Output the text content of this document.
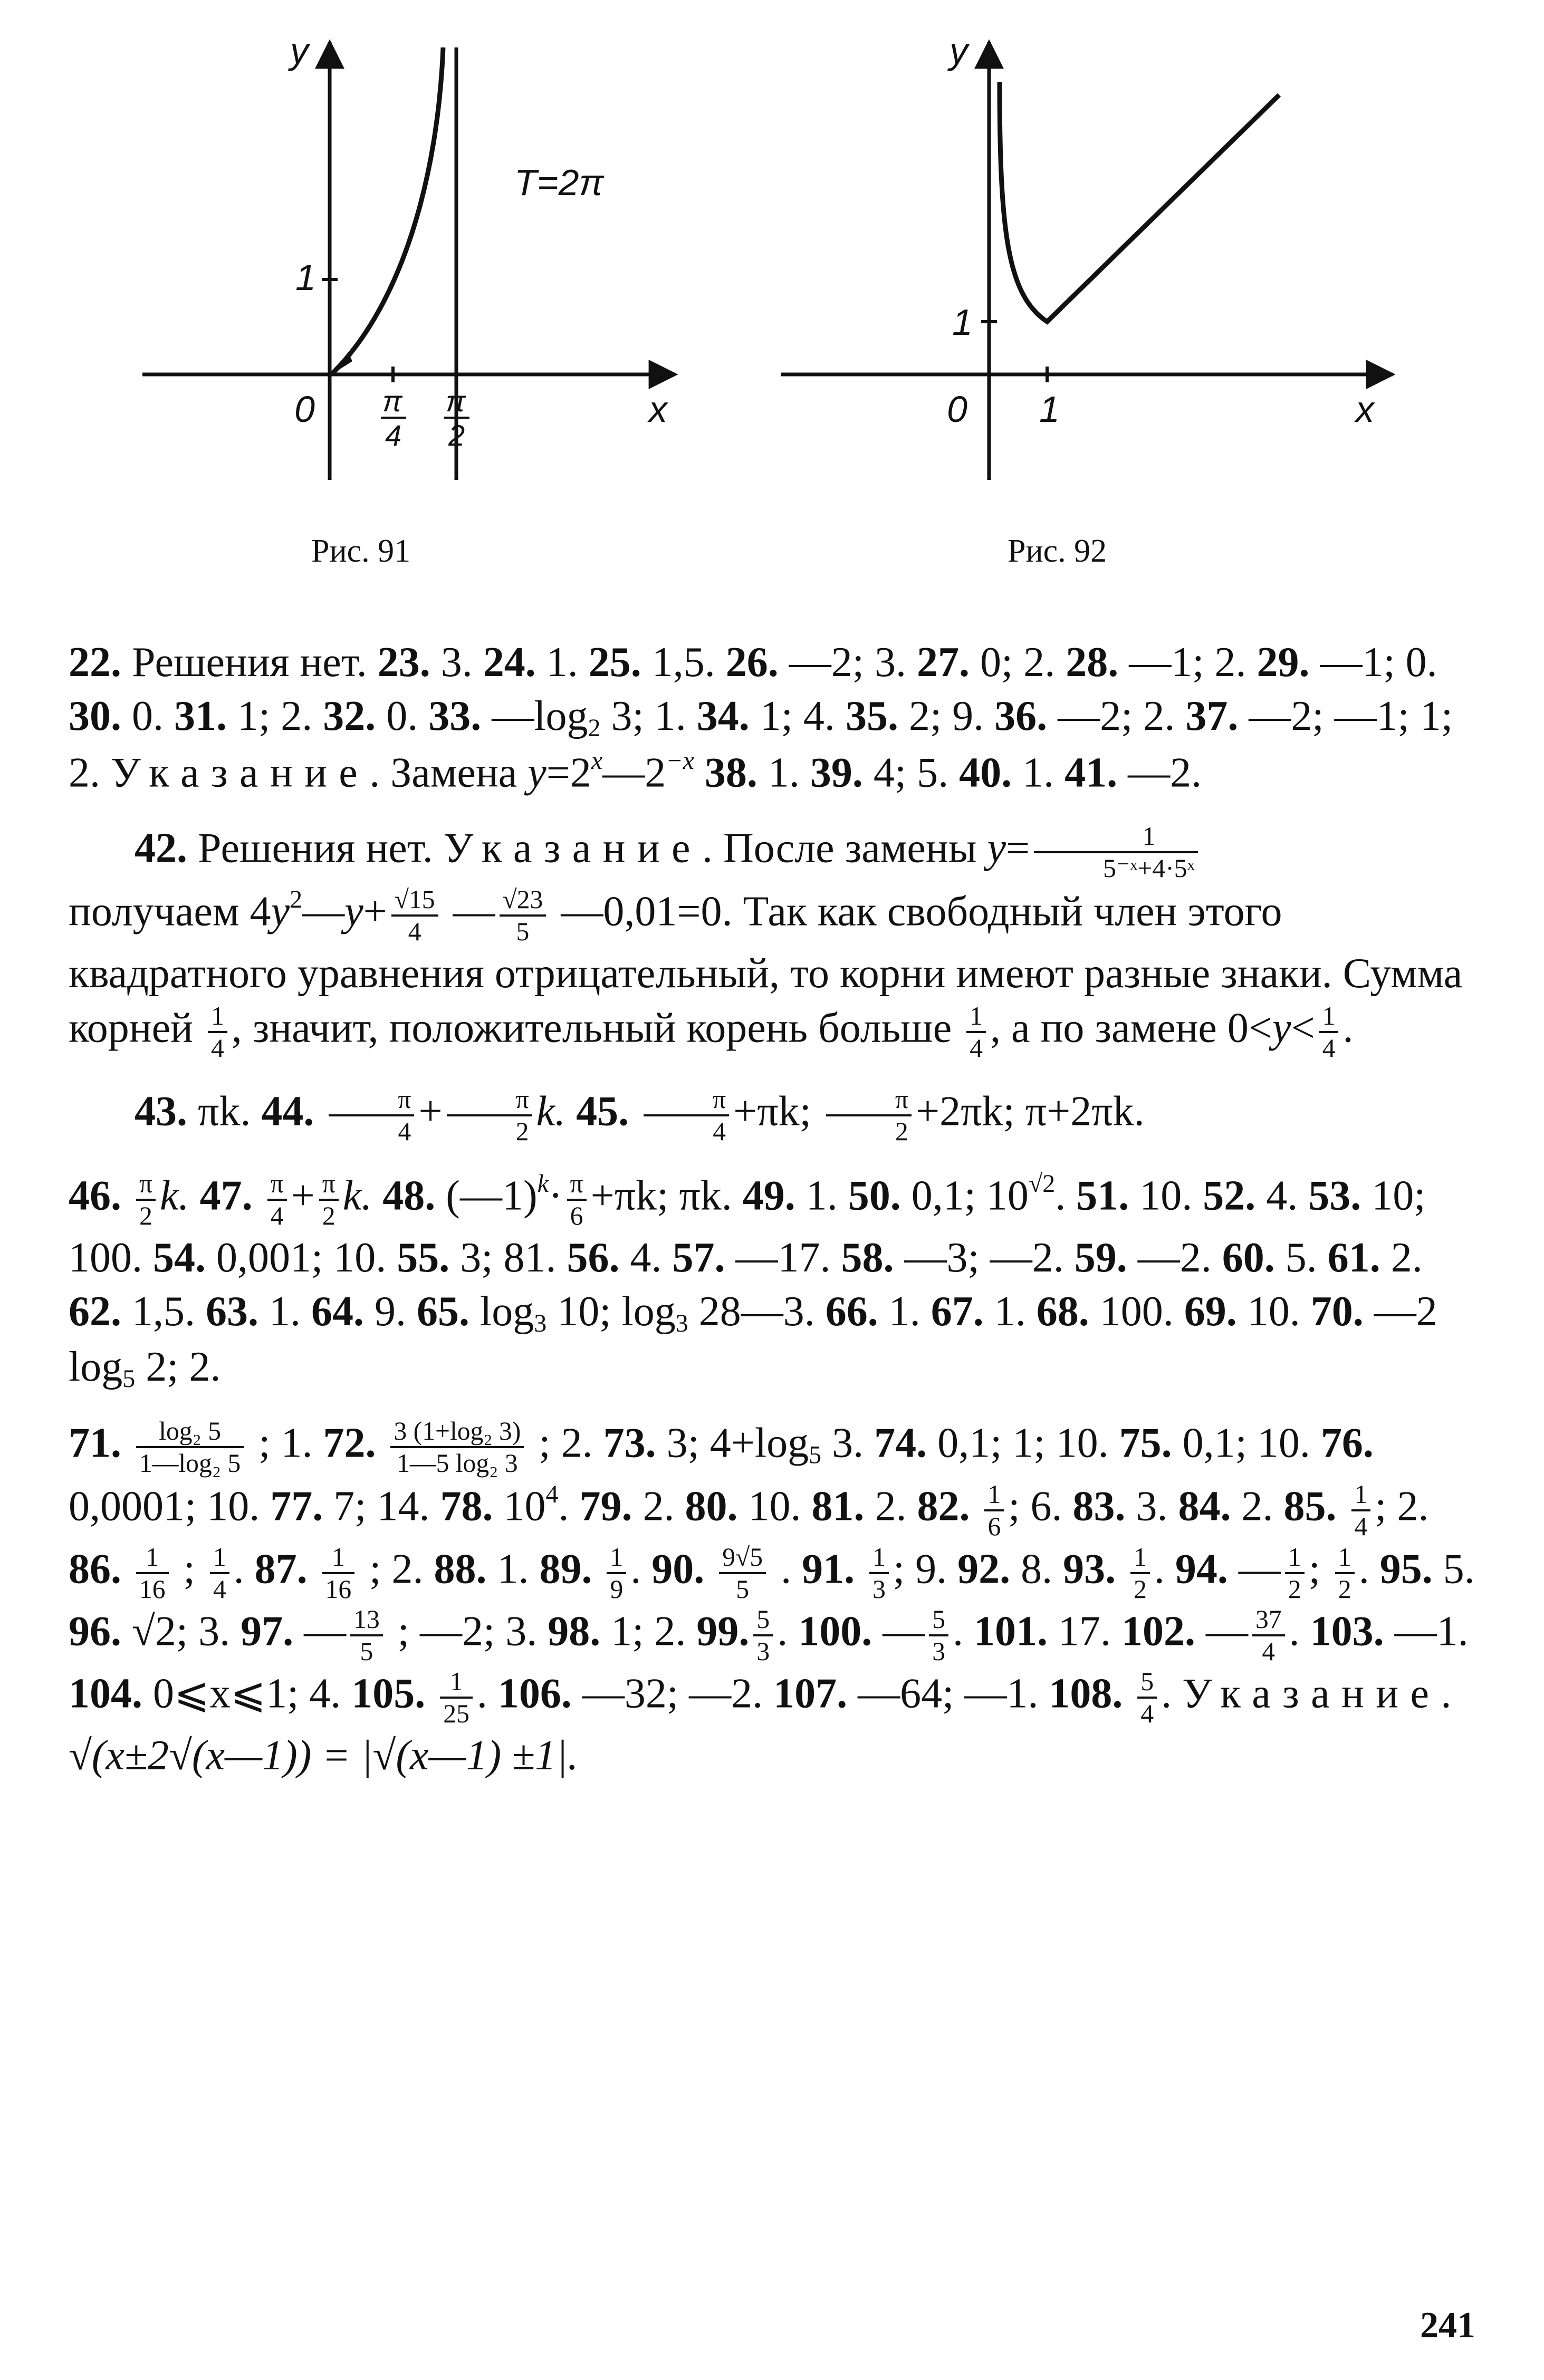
y
x
0
1
π
4
π
2
T=2π
Рис. 91
y
x
0
1
1
Рис. 92

22. Решения нет. 23. 3. 24. 1. 25. 1,5. 26. —2; 3. 27. 0; 2. 28. —1; 2. 29. —1; 0. 30. 0. 31. 1; 2. 32. 0. 33. $—\log_2$ 3; 1. 34. 1; 4. 35. 2; 9. 36. —2; 2. 37. —2; —1; 1; 2. Указание. Замена $y=2^x—2^{-x}$ 38. 1. 39. 4; 5. 40. 1. 41. —2.

42. Решения нет. Указание. После замены $y= \frac{1}{\text{5⁻ˣ+4·5ˣ}}$

получаем $4y^2—y+ \frac{√15}{4}$ — $\frac{√23}{5}$ —0,01=0. Так как свободный член этого квадратного уравнения отрицательный, то корни имеют разные знаки. Сумма корней $\frac{1}{4}$ , значит, положительный корень больше $\frac{1}{4}$ , а по замене $0<y< \frac{1}{4}$ .

43. πk. 44. $\frac{\pi}{4} + \frac{\pi}{2} k$. 45. $\frac{\pi}{4} +\pi k$; $\frac{\pi}{2} +2\pi k$; π+2πk.

46. $\frac{\pi}{2} k$. 47. $\frac{\pi}{4} + \frac{\pi}{2} k$. 48. (—1)$^k$· $\frac{\pi}{6} +\pi k$; πk. 49. 1. 50. 0,1; $10^{√2}$. 51. 10. 52. 4. 53. 10; 100. 54. 0,001; 10. 55. 3; 81. 56. 4. 57. —17. 58. —3; —2. 59. —2. 60. 5. 61. 2. 62. 1,5. 63. 1. 64. 9. 65. $\log_3 10$; $\log_3$ 28—3. 66. 1. 67. 1. 68. 100. 69. 10. 70. —2 $\log_5 2$; 2.

71. $\frac{\text{log₂ 5}}{\text{1—log₂ 5}}$ ; 1. 72. $\frac{\text{3 (1+log₂ 3)}}{\text{1—5 log₂ 3}}$ ; 2. 73. 3; $4+\log_5$ 3. 74. 0,1; 1; 10. 75. 0,1; 10. 76. 0,0001; 10. 77. 7; 14. 78. $10^4$. 79. 2. 80. 10. 81. 2. 82. $\frac{1}{6}$ ; 6. 83. 3. 84. 2. 85. $\frac{1}{4}$ ; 2. 86. $\frac{1}{16}$ ; $\frac{1}{4}$ . 87. $\frac{1}{16}$ ; 2. 88. 1. 89. $\frac{1}{9}$ . 90. $\frac{9√5}{5}$ . 91. $\frac{1}{3}$ ; 9. 92. 8. 93. $\frac{1}{2}$ . 94. — $\frac{1}{2}$ ; $\frac{1}{2}$ . 95. 5.

96. √2; 3. 97. — $\frac{13}{5}$ ; —2; 3. 98. 1; 2. 99. $\frac{5}{3}$ . 100. — $\frac{5}{3}$ . 101. 17. 102. — $\frac{37}{4}$ . 103. —1. 104. 0⩽x⩽1; 4. 105. $\frac{1}{25}$ . 106. —32; —2. 107. —64; —1. 108. $\frac{5}{4}$ . Указание. √(x±2√(x—1)) = |√(x—1) ±1|.

241
